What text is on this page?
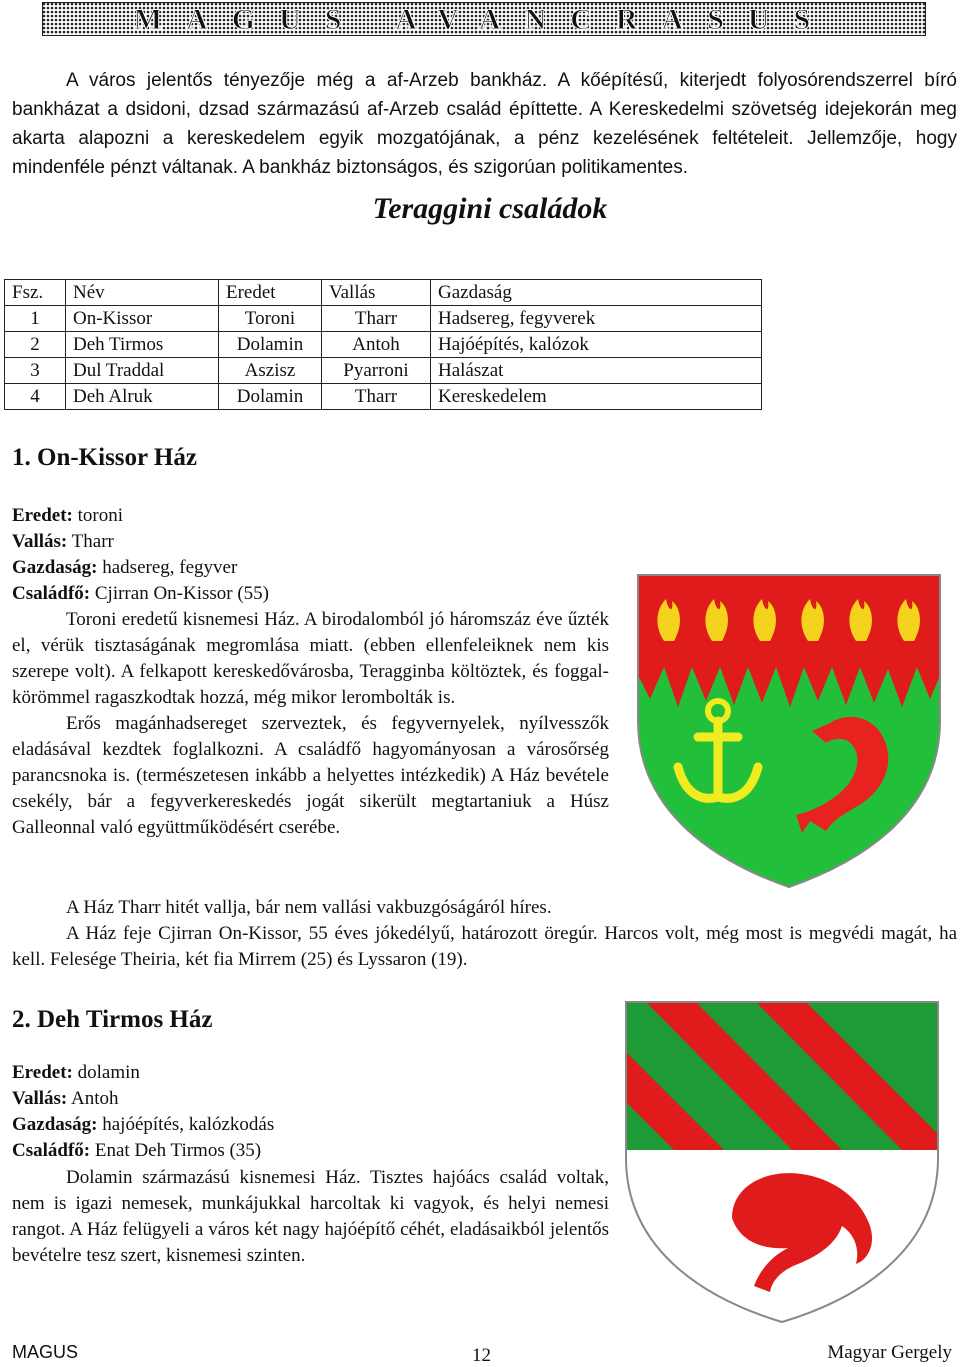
MAGUS AVANCRASUS

A város jelentős tényezője még a af-Arzeb bankház. A kőépítésű, kiterjedt folyosórendszerrel bíró bankházat a dsidoni, dzsad származású af-Arzeb család építtette. A Kereskedelmi szövetség idejekorán meg akarta alapozni a kereskedelem egyik mozgatójának, a pénz kezelésének feltételeit. Jellemzője, hogy mindenféle pénzt váltanak. A bankház biztonságos, és szigorúan politikamentes.

Teraggini családok
Fsz.	Név	Eredet	Vallás	Gazdaság
1	On-Kissor	Toroni	Tharr	Hadsereg, fegyverek
2	Deh Tirmos	Dolamin	Antoh	Hajóépítés, kalózok
3	Dul Traddal	Aszisz	Pyarroni	Halászat
4	Deh Alruk	Dolamin	Tharr	Kereskedelem
1. On-Kissor Ház
Eredet: toroni
Vallás: Tharr
Gazdaság: hadsereg, fegyver
Családfő: Cjirran On-Kissor (55)

Toroni eredetű kisnemesi Ház. A birodalomból jó háromszáz éve űzték el, vérük tisztaságának megromlása miatt. (ebben ellenfeleiknek nem kis szerepe volt). A felkapott kereskedővárosba, Teragginba költöztek, és foggal-körömmel ragaszkodtak hozzá, még mikor lerombolták is.

Erős magánhadsereget szerveztek, és fegyvernyelek, nyílvesszők eladásával kezdtek foglalkozni. A családfő hagyományosan a városőrség parancsnoka is. (természetesen inkább a helyettes intézkedik) A Ház bevétele csekély, bár a fegyverkereskedés jogát sikerült megtartaniuk a Húsz Galleonnal való együttműködésért cserébe.

A Ház Tharr hitét vallja, bár nem vallási vakbuzgóságáról híres.

A Ház feje Cjirran On-Kissor, 55 éves jókedélyű, határozott öregúr. Harcos volt, még most is megvédi magát, ha kell. Felesége Theiria, két fia Mirrem (25) és Lyssaron (19).

2. Deh Tirmos Ház
Eredet: dolamin
Vallás: Antoh
Gazdaság: hajóépítés, kalózkodás
Családfő: Enat Deh Tirmos (35)

Dolamin származású kisnemesi Ház. Tisztes hajóács család voltak, nem is igazi nemesek, munkájukkal harcoltak ki vagyok, és helyi nemesi rangot. A Ház felügyeli a város két nagy hajóépítő céhét, eladásaikból jelentős bevételre tesz szert, kisnemesi szinten.

MAGUS	12	Magyar Gergely
